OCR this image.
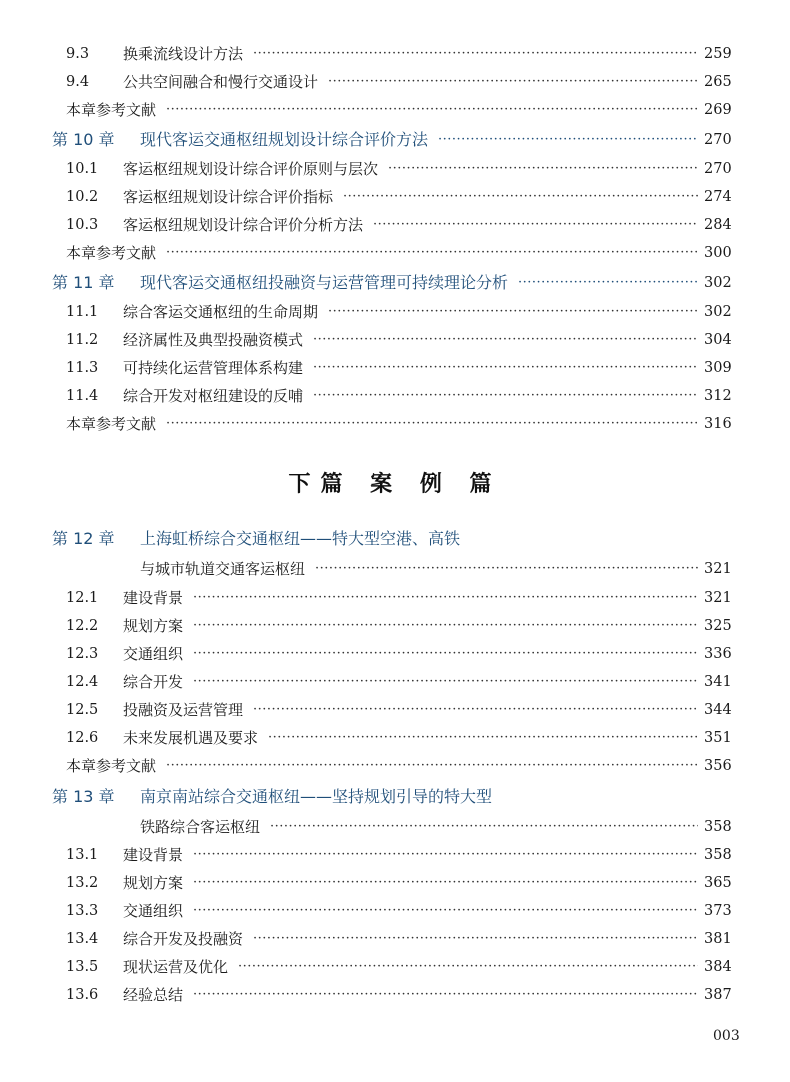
9.3 换乘流线设计方法 ·····	259
9.4 公共空间融合和慢行交通设计 ·····	265
本章参考文献 ·····	269
第 10 章 现代客运交通枢纽规划设计综合评价方法 ·····	270
10.1 客运枢纽规划设计综合评价原则与层次 ·····	270
10.2 客运枢纽规划设计综合评价指标 ·····	274
10.3 客运枢纽规划设计综合评价分析方法 ·····	284
本章参考文献 ·····	300
第 11 章 现代客运交通枢纽投融资与运营管理可持续理论分析 ·····	302
11.1 综合客运交通枢纽的生命周期 ·····	302
11.2 经济属性及典型投融资模式 ·····	304
11.3 可持续化运营管理体系构建 ·····	309
11.4 综合开发对枢纽建设的反哺 ·····	312
本章参考文献 ·····	316
第 12 章 上海虹桥综合交通枢纽——特大型空港、高铁
与城市轨道交通客运枢纽 ·····	321
12.1 建设背景 ·····	321
12.2 规划方案 ·····	325
12.3 交通组织 ·····	336
12.4 综合开发 ·····	341
12.5 投融资及运营管理 ·····	344
12.6 未来发展机遇及要求 ·····	351
本章参考文献 ·····	356
第 13 章 南京南站综合交通枢纽——坚持规划引导的特大型
铁路综合客运枢纽 ·····	358
13.1 建设背景 ·····	358
13.2 规划方案 ·····	365
13.3 交通组织 ·····	373
13.4 综合开发及投融资 ·····	381
13.5 现状运营及优化 ·····	384
13.6 经验总结 ·····	387
下篇 案 例 篇
003
